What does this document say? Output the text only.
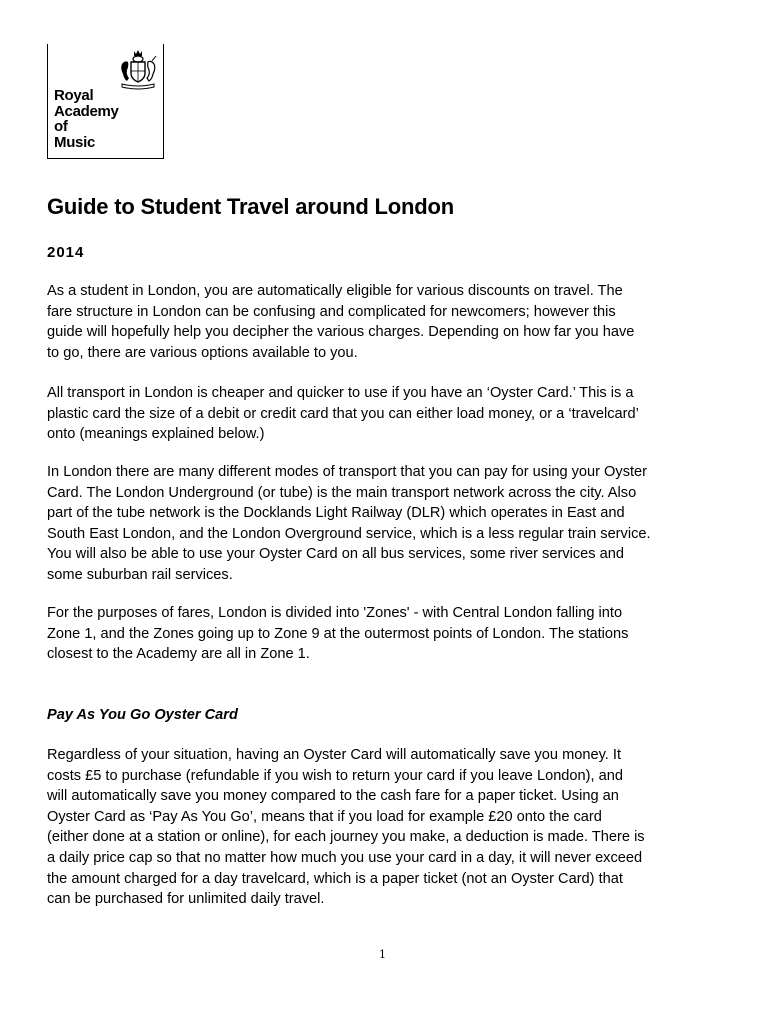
Royal
Academy
of
Music
Guide to Student Travel around London
2014
As a student in London, you are automatically eligible for various discounts on travel. The
fare structure in London can be confusing and complicated for newcomers; however this
guide will hopefully help you decipher the various charges. Depending on how far you have
to go, there are various options available to you.
All transport in London is cheaper and quicker to use if you have an ‘Oyster Card.’ This is a
plastic card the size of a debit or credit card that you can either load money, or a ‘travelcard’
onto (meanings explained below.)
In London there are many different modes of transport that you can pay for using your Oyster
Card. The London Underground (or tube) is the main transport network across the city. Also
part of the tube network is the Docklands Light Railway (DLR) which operates in East and
South East London, and the London Overground service, which is a less regular train service.
You will also be able to use your Oyster Card on all bus services, some river services and
some suburban rail services.
For the purposes of fares, London is divided into 'Zones' - with Central London falling into
Zone 1, and the Zones going up to Zone 9 at the outermost points of London. The stations
closest to the Academy are all in Zone 1.
Pay As You Go Oyster Card
Regardless of your situation, having an Oyster Card will automatically save you money. It
costs £5 to purchase (refundable if you wish to return your card if you leave London), and
will automatically save you money compared to the cash fare for a paper ticket. Using an
Oyster Card as ‘Pay As You Go’, means that if you load for example £20 onto the card
(either done at a station or online), for each journey you make, a deduction is made. There is
a daily price cap so that no matter how much you use your card in a day, it will never exceed
the amount charged for a day travelcard, which is a paper ticket (not an Oyster Card) that
can be purchased for unlimited daily travel.
1
